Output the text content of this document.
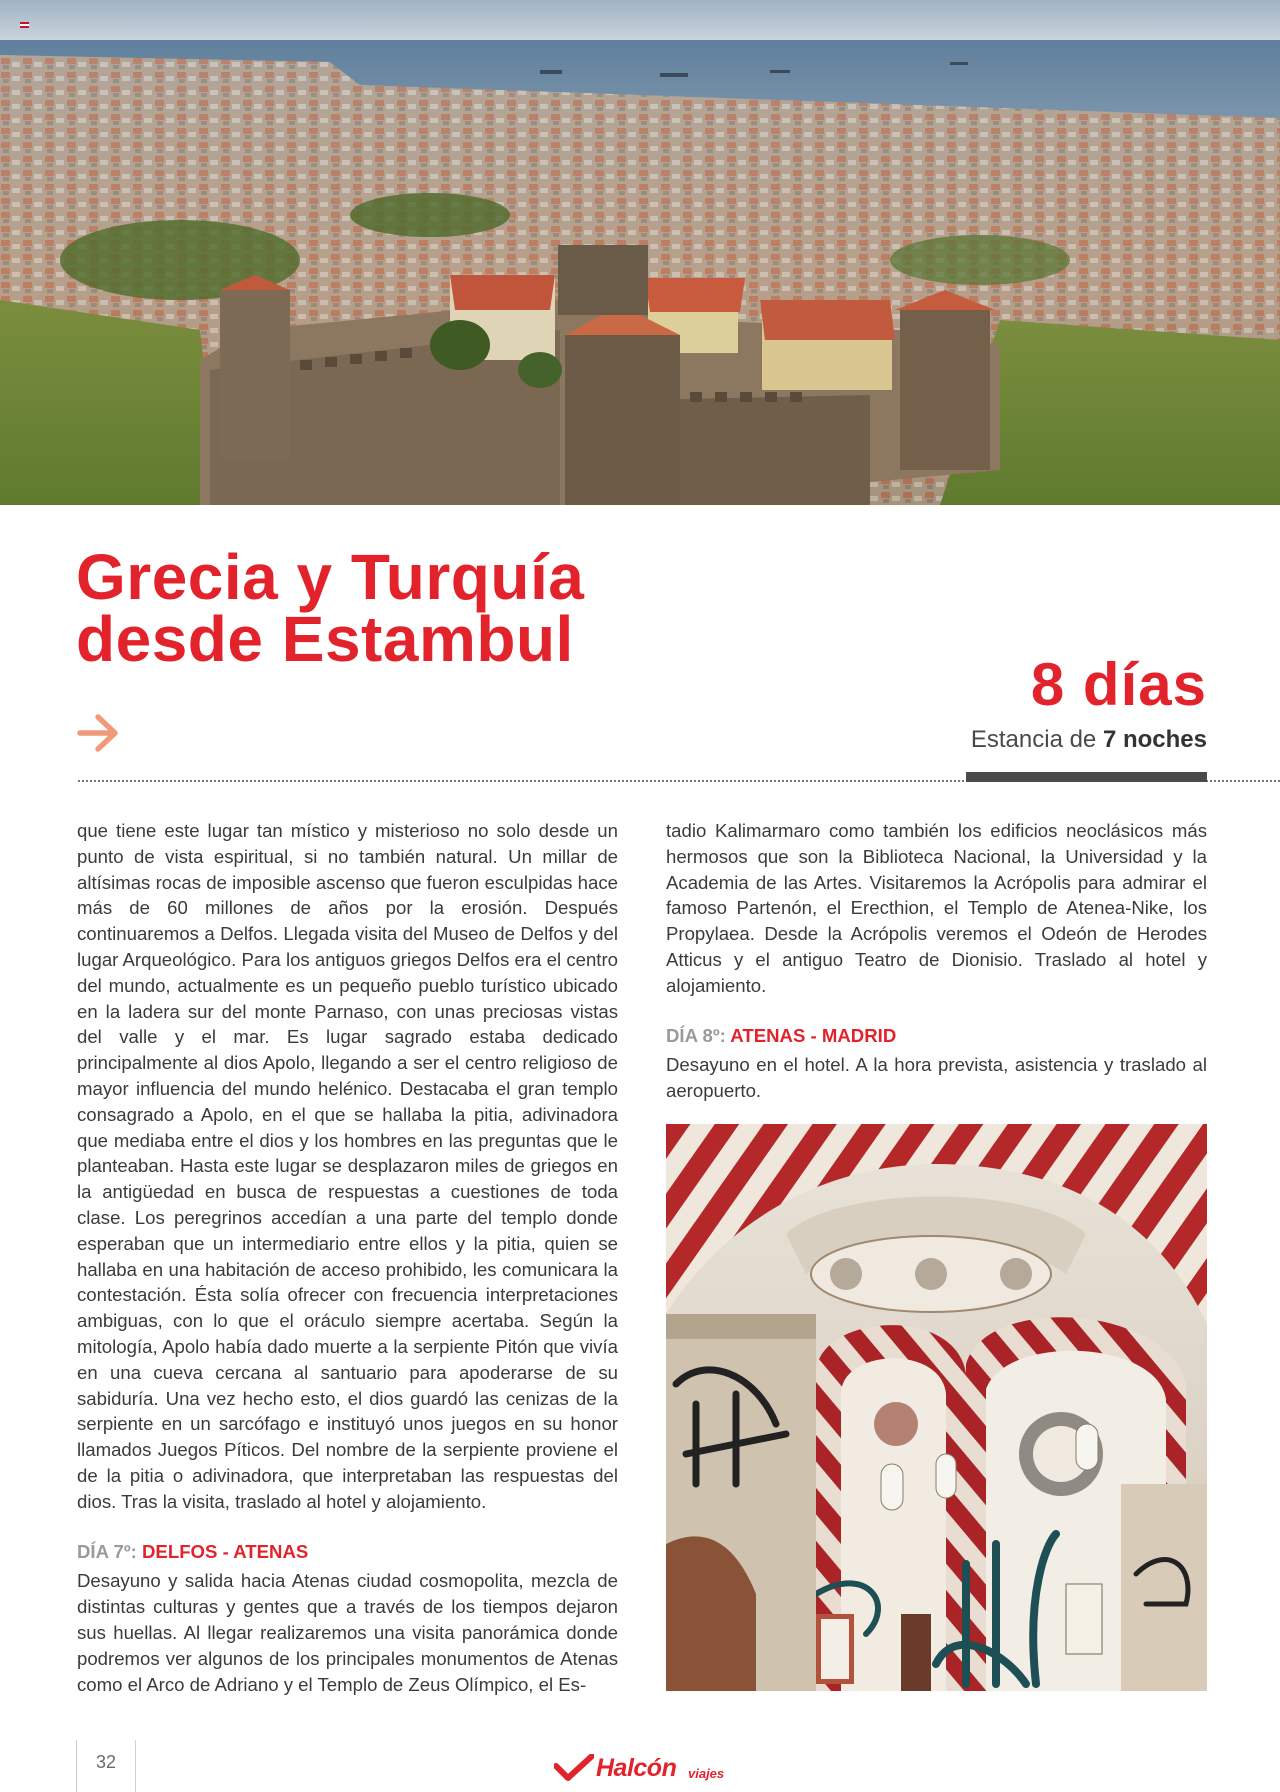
Grecia y Turquía
desde Estambul
8 días
Estancia de 7 noches

que tiene este lugar tan místico y misterioso no solo desde un punto de vista espiritual, si no también natural. Un millar de altísimas rocas de imposible ascenso que fueron esculpidas hace más de 60 millones de años por la erosión. Después continuaremos a Delfos. Llegada visita del Museo de Delfos y del lugar Arqueológico. Para los antiguos griegos Delfos era el centro del mundo, actualmente es un pequeño pueblo turístico ubicado en la ladera sur del monte Parnaso, con unas preciosas vistas del valle y el mar. Es lugar sagrado estaba dedicado principalmente al dios Apolo, llegando a ser el centro religioso de mayor influencia del mundo helénico. Destacaba el gran templo consagrado a Apolo, en el que se hallaba la pitia, adivinadora que mediaba entre el dios y los hombres en las preguntas que le planteaban. Hasta este lugar se desplazaron miles de griegos en la antigüedad en busca de respuestas a cuestiones de toda clase. Los peregrinos accedían a una parte del templo donde esperaban que un intermediario entre ellos y la pitia, quien se hallaba en una habitación de acceso prohibido, les comunicara la contestación. Ésta solía ofrecer con frecuencia interpretaciones ambiguas, con lo que el oráculo siempre acertaba. Según la mitología, Apolo había dado muerte a la serpiente Pitón que vivía en una cueva cercana al santuario para apoderarse de su sabiduría. Una vez hecho esto, el dios guardó las cenizas de la serpiente en un sarcófago e instituyó unos juegos en su honor llamados Juegos Píticos. Del nombre de la serpiente proviene el de la pitia o adivinadora, que interpretaban las respuestas del dios. Tras la visita, traslado al hotel y alojamiento.

DÍA 7º: DELFOS - ATENAS

Desayuno y salida hacia Atenas ciudad cosmopolita, mezcla de distintas culturas y gentes que a través de los tiempos dejaron sus huellas. Al llegar realizaremos una visita panorámica donde podremos ver algunos de los principales monumentos de Atenas como el Arco de Adriano y el Templo de Zeus Olímpico, el Es-

tadio Kalimarmaro como también los edificios neoclásicos más hermosos que son la Biblioteca Nacional, la Universidad y la Academia de las Artes. Visitaremos la Acrópolis para admirar el famoso Partenón, el Erecthion, el Templo de Atenea-Nike, los Propylaea. Desde la Acrópolis veremos el Odeón de Herodes Atticus y el antiguo Teatro de Dionisio. Traslado al hotel y alojamiento.

DÍA 8º: ATENAS - MADRID

Desayuno en el hotel. A la hora prevista, asistencia y traslado al aeropuerto.

32	Halcón viajes
